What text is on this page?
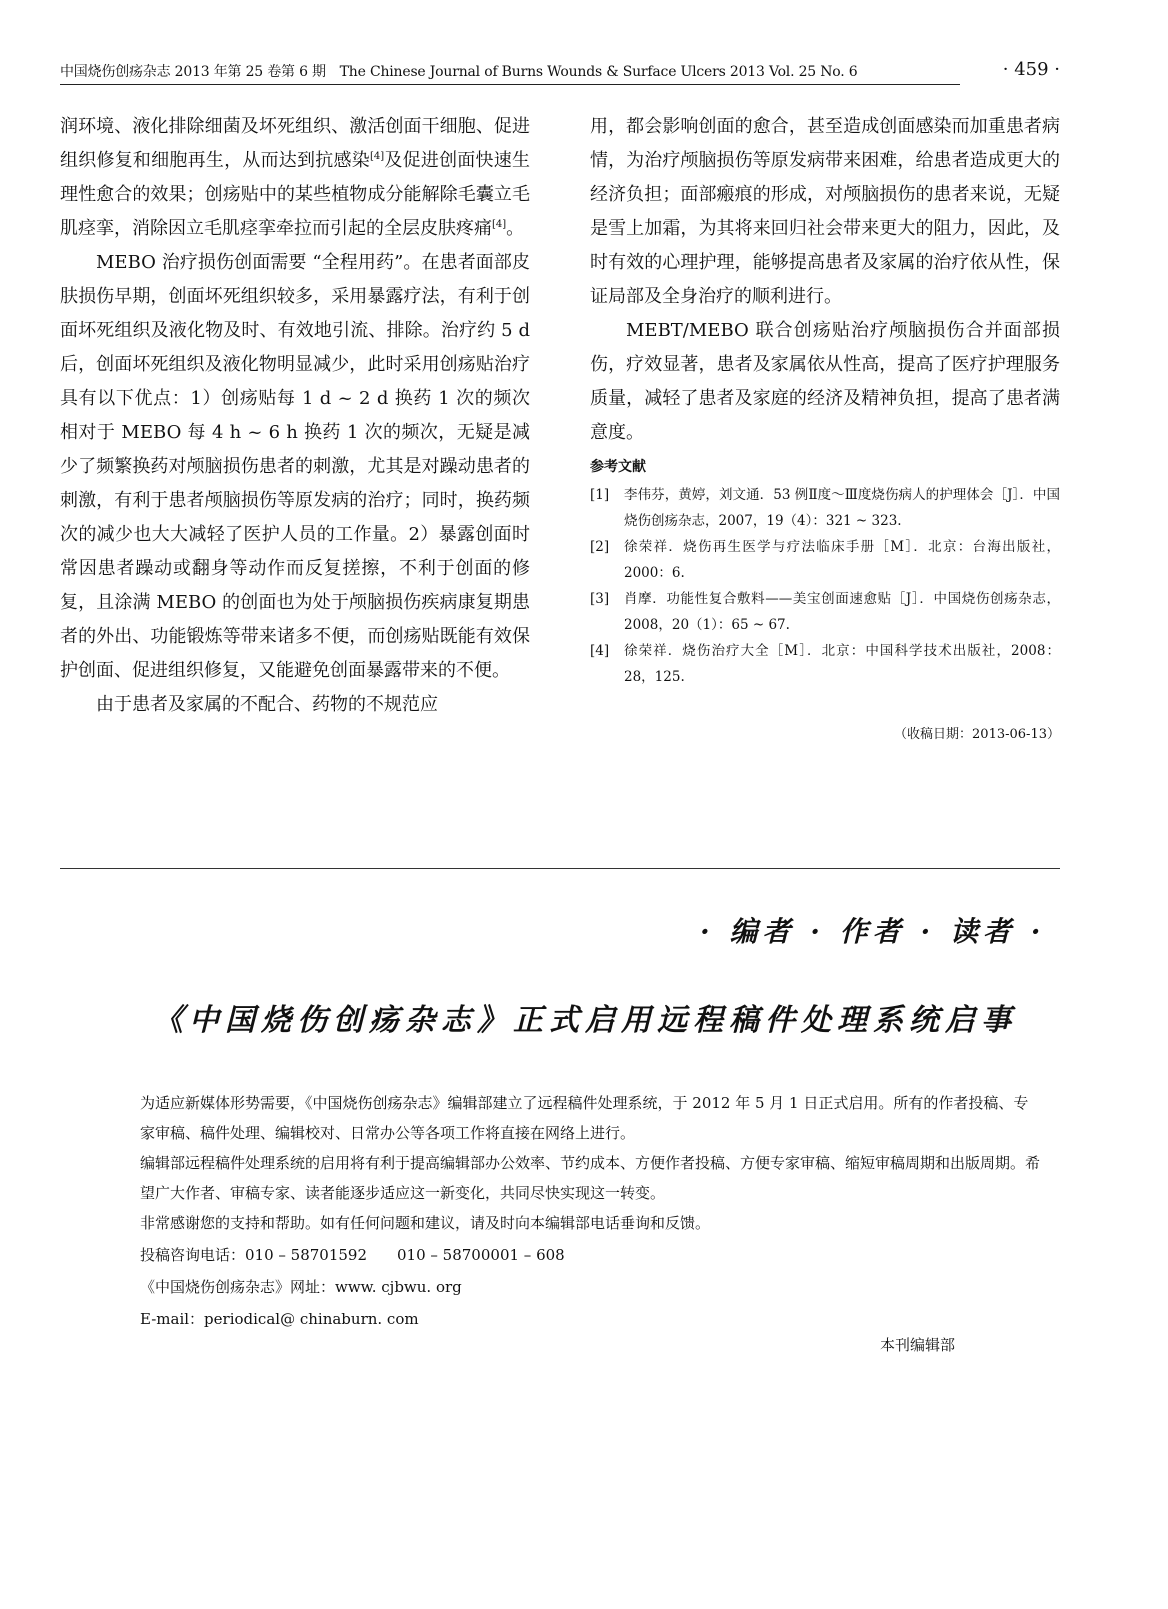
中国烧伤创疡杂志 2013 年第 25 卷第 6 期　The Chinese Journal of Burns Wounds & Surface Ulcers 2013 Vol. 25 No. 6	· 459 ·

润环境、液化排除细菌及坏死组织、激活创面干细胞、促进组织修复和细胞再生，从而达到抗感染[4]及促进创面快速生理性愈合的效果；创疡贴中的某些植物成分能解除毛囊立毛肌痉挛，消除因立毛肌痉挛牵拉而引起的全层皮肤疼痛[4]。

MEBO 治疗损伤创面需要 “全程用药”。在患者面部皮肤损伤早期，创面坏死组织较多，采用暴露疗法，有利于创面坏死组织及液化物及时、有效地引流、排除。治疗约 5 d 后，创面坏死组织及液化物明显减少，此时采用创疡贴治疗具有以下优点：1）创疡贴每 1 d ~ 2 d 换药 1 次的频次相对于 MEBO 每 4 h ~ 6 h 换药 1 次的频次，无疑是减少了频繁换药对颅脑损伤患者的刺激，尤其是对躁动患者的刺激，有利于患者颅脑损伤等原发病的治疗；同时，换药频次的减少也大大减轻了医护人员的工作量。2）暴露创面时常因患者躁动或翻身等动作而反复搓擦，不利于创面的修复，且涂满 MEBO 的创面也为处于颅脑损伤疾病康复期患者的外出、功能锻炼等带来诸多不便，而创疡贴既能有效保护创面、促进组织修复，又能避免创面暴露带来的不便。

由于患者及家属的不配合、药物的不规范应

用，都会影响创面的愈合，甚至造成创面感染而加重患者病情，为治疗颅脑损伤等原发病带来困难，给患者造成更大的经济负担；面部瘢痕的形成，对颅脑损伤的患者来说，无疑是雪上加霜，为其将来回归社会带来更大的阻力，因此，及时有效的心理护理，能够提高患者及家属的治疗依从性，保证局部及全身治疗的顺利进行。

MEBT/MEBO 联合创疡贴治疗颅脑损伤合并面部损伤，疗效显著，患者及家属依从性高，提高了医疗护理服务质量，减轻了患者及家庭的经济及精神负担，提高了患者满意度。

参考文献
[1] 李伟芬，黄婷，刘文通．53 例Ⅱ度～Ⅲ度烧伤病人的护理体会［J］．中国烧伤创疡杂志，2007，19（4）：321 ~ 323.
[2] 徐荣祥．烧伤再生医学与疗法临床手册［M］．北京：台海出版社，2000：6.
[3] 肖摩．功能性复合敷料——美宝创面速愈贴［J］．中国烧伤创疡杂志，2008，20（1）：65 ~ 67.
[4] 徐荣祥．烧伤治疗大全［M］．北京：中国科学技术出版社，2008：28，125.
（收稿日期：2013-06-13）
· 编者 · 作者 · 读者 ·
《中国烧伤创疡杂志》正式启用远程稿件处理系统启事

为适应新媒体形势需要，《中国烧伤创疡杂志》编辑部建立了远程稿件处理系统，于 2012 年 5 月 1 日正式启用。所有的作者投稿、专家审稿、稿件处理、编辑校对、日常办公等各项工作将直接在网络上进行。

编辑部远程稿件处理系统的启用将有利于提高编辑部办公效率、节约成本、方便作者投稿、方便专家审稿、缩短审稿周期和出版周期。希望广大作者、审稿专家、读者能逐步适应这一新变化，共同尽快实现这一转变。

非常感谢您的支持和帮助。如有任何问题和建议，请及时向本编辑部电话垂询和反馈。

投稿咨询电话：010 – 58701592　　010 – 58700001 – 608

《中国烧伤创疡杂志》网址：www. cjbwu. org

E-mail：periodical@ chinaburn. com

本刊编辑部
